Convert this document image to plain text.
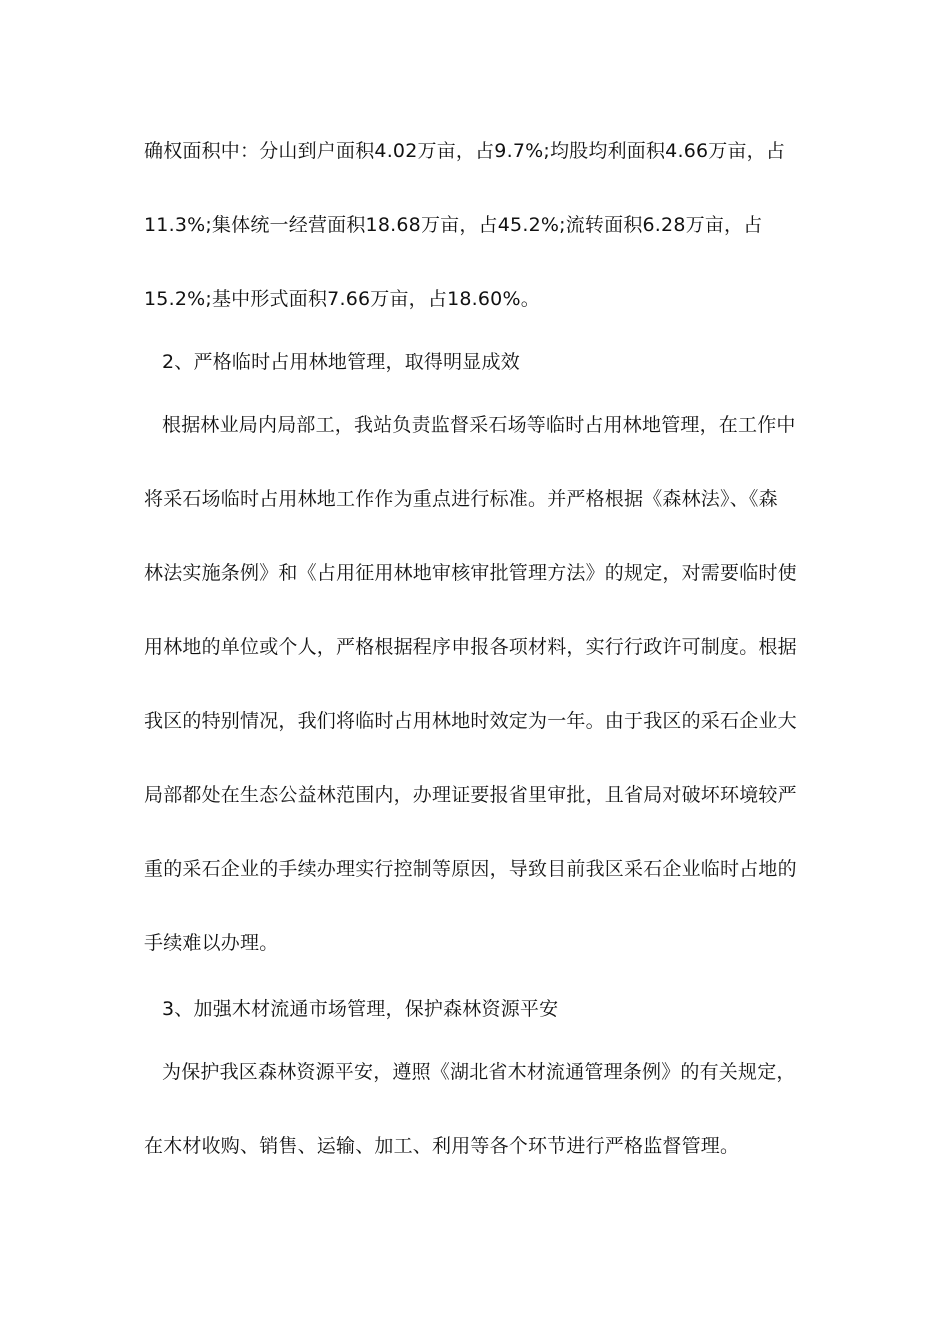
确权面积中：分山到户面积4.02万亩，占9.7%;均股均利面积4.66万亩，占
11.3%;集体统一经营面积18.68万亩，占45.2%;流转面积6.28万亩，占
15.2%;基中形式面积7.66万亩，占18.60%。
2、严格临时占用林地管理，取得明显成效
根据林业局内局部工，我站负责监督采石场等临时占用林地管理，在工作中
将采石场临时占用林地工作作为重点进行标准。并严格根据《森林法》、《森
林法实施条例》和《占用征用林地审核审批管理方法》的规定，对需要临时使
用林地的单位或个人，严格根据程序申报各项材料，实行行政许可制度。根据
我区的特别情况，我们将临时占用林地时效定为一年。由于我区的采石企业大
局部都处在生态公益林范围内，办理证要报省里审批，且省局对破坏环境较严
重的采石企业的手续办理实行控制等原因，导致目前我区采石企业临时占地的
手续难以办理。
3、加强木材流通市场管理，保护森林资源平安
为保护我区森林资源平安，遵照《湖北省木材流通管理条例》的有关规定，
在木材收购、销售、运输、加工、利用等各个环节进行严格监督管理。
